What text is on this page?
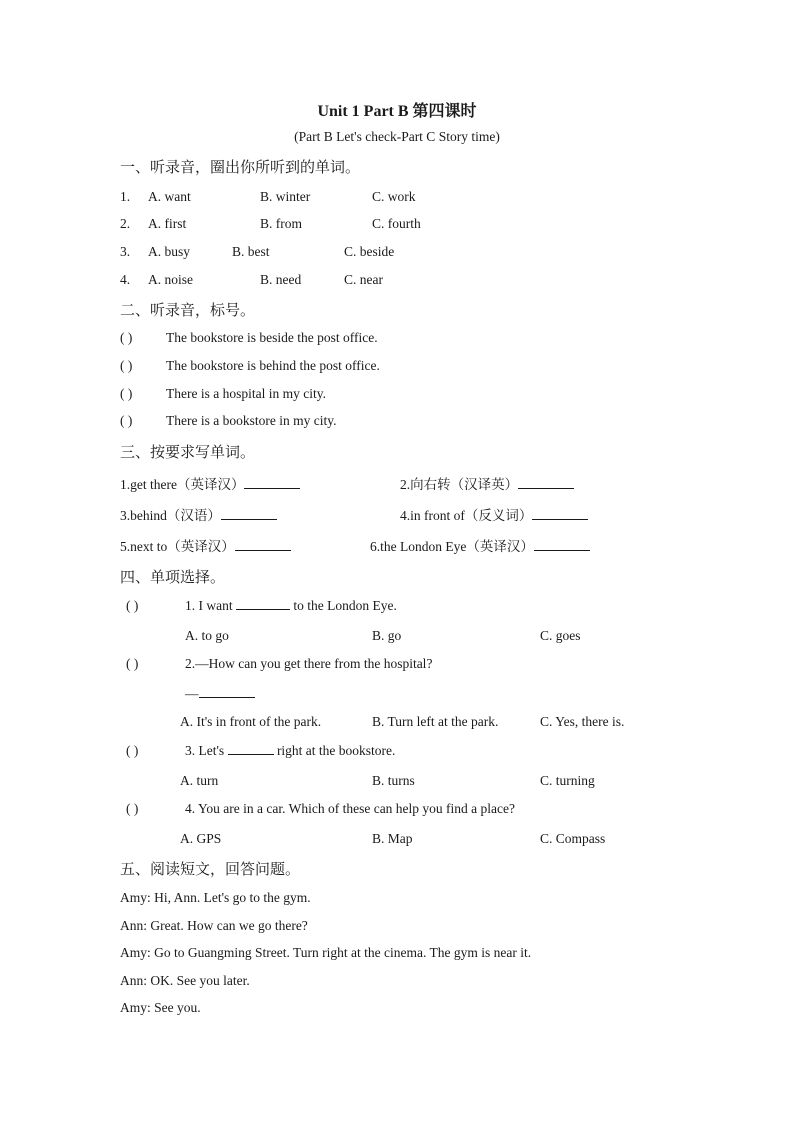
Unit 1 Part B 第四课时
(Part B Let's check-Part C Story time)
一、听录音，圈出你所听到的单词。
1. A. want	B. winter	C. work
2. A. first	B. from	C. fourth
3. A. busy	B. best	C. beside
4. A. noise	B. need	C. near
二、听录音，标号。
( ) The bookstore is beside the post office.
( ) The bookstore is behind the post office.
( ) There is a hospital in my city.
( ) There is a bookstore in my city.
三、按要求写单词。
1.get there（英译汉）	2.向右转（汉译英）
3.behind（汉语）	4.in front of（反义词）
5.next to（英译汉）	6.the London Eye（英译汉）
四、单项选择。
( )	1. I want	to the London Eye.
A. to go	B. go	C. goes
( )	2.—How can you get there from the hospital?
—
A. It's in front of the park.	B. Turn left at the park.	C. Yes, there is.
( )	3. Let's	right at the bookstore.
A. turn	B. turns	C. turning
( )	4. You are in a car. Which of these can help you find a place?
A. GPS	B. Map	C. Compass
五、阅读短文，回答问题。
Amy: Hi, Ann. Let's go to the gym.
Ann: Great. How can we go there?
Amy: Go to Guangming Street. Turn right at the cinema. The gym is near it.
Ann: OK. See you later.
Amy: See you.
